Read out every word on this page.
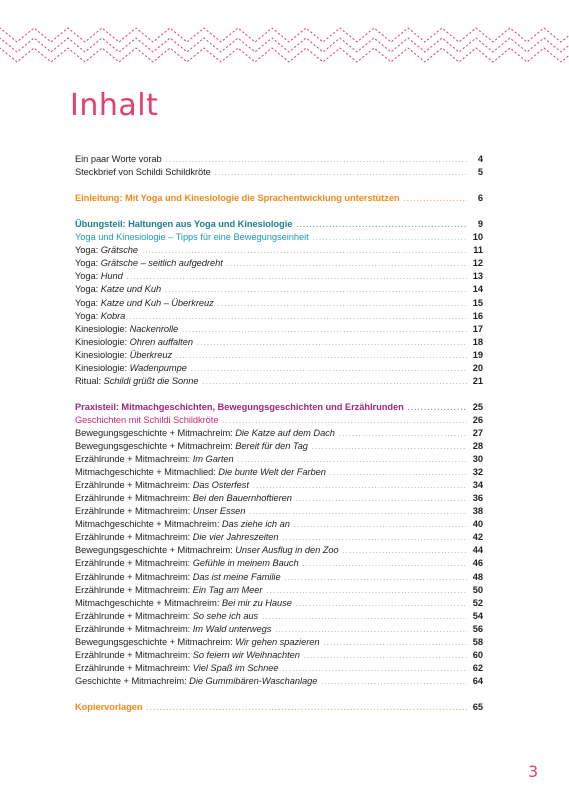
Inhalt
Ein paar Worte vorab . . .	4
Steckbrief von Schildi Schildkröte . . .	5
Einleitung: Mit Yoga und Kinesiologie die Sprachentwicklung unterstützen . . .	6
Übungsteil: Haltungen aus Yoga und Kinesiologie . . .	9
Yoga und Kinesiologie – Tipps für eine Bewegungseinheit . . .	10
Yoga: Grätsche . . .	11
Yoga: Grätsche – seitlich aufgedreht . . .	12
Yoga: Hund . . .	13
Yoga: Katze und Kuh . . .	14
Yoga: Katze und Kuh – Überkreuz . . .	15
Yoga: Kobra . . .	16
Kinesiologie: Nackenrolle . . .	17
Kinesiologie: Ohren auffalten . . .	18
Kinesiologie: Überkreuz . . .	19
Kinesiologie: Wadenpumpe . . .	20
Ritual: Schildi grüßt die Sonne . . .	21
Praxisteil: Mitmachgeschichten, Bewegungsgeschichten und Erzählrunden . . .	25
Geschichten mit Schildi Schildkröte . . .	26
Bewegungsgeschichte + Mitmachreim: Die Katze auf dem Dach . . .	27
Bewegungsgeschichte + Mitmachreim: Bereit für den Tag . . .	28
Erzählrunde + Mitmachreim: Im Garten . . .	30
Mitmachgeschichte + Mitmachlied: Die bunte Welt der Farben . . .	32
Erzählrunde + Mitmachreim: Das Osterfest . . .	34
Erzählrunde + Mitmachreim: Bei den Bauernhoftieren . . .	36
Erzählrunde + Mitmachreim: Unser Essen . . .	38
Mitmachgeschichte + Mitmachreim: Das ziehe ich an . . .	40
Erzählrunde + Mitmachreim: Die vier Jahreszeiten . . .	42
Bewegungsgeschichte + Mitmachreim: Unser Ausflug in den Zoo . . .	44
Erzählrunde + Mitmachreim: Gefühle in meinem Bauch . . .	46
Erzählrunde + Mitmachreim: Das ist meine Familie . . .	48
Erzählrunde + Mitmachreim: Ein Tag am Meer . . .	50
Mitmachgeschichte + Mitmachreim: Bei mir zu Hause . . .	52
Erzählrunde + Mitmachreim: So sehe ich aus . . .	54
Erzählrunde + Mitmachreim: Im Wald unterwegs . . .	56
Bewegungsgeschichte + Mitmachreim: Wir gehen spazieren . . .	58
Erzählrunde + Mitmachreim: So feiern wir Weihnachten . . .	60
Erzählrunde + Mitmachreim: Viel Spaß im Schnee . . .	62
Geschichte + Mitmachreim: Die Gummibären-Waschanlage . . .	64
Kopiervorlagen . . .	65

3
